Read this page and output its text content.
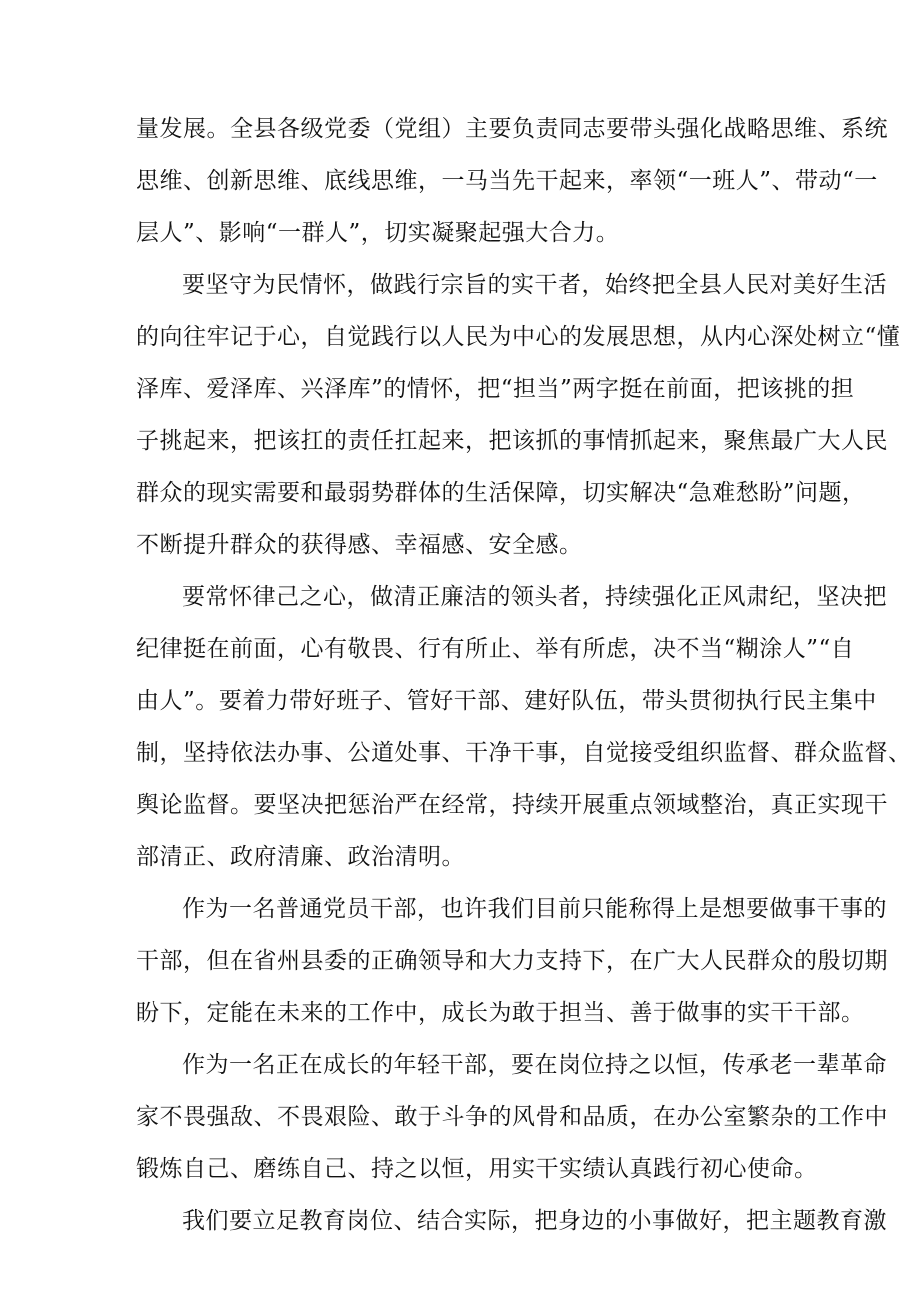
量发展。全县各级党委（党组）主要负责同志要带头强化战略思维、系统
思维、创新思维、底线思维，一马当先干起来，率领“一班人”、带动“一
层人”、影响“一群人”，切实凝聚起强大合力。
要坚守为民情怀，做践行宗旨的实干者，始终把全县人民对美好生活
的向往牢记于心，自觉践行以人民为中心的发展思想，从内心深处树立“懂
泽库、爱泽库、兴泽库”的情怀，把“担当”两字挺在前面，把该挑的担
子挑起来，把该扛的责任扛起来，把该抓的事情抓起来，聚焦最广大人民
群众的现实需要和最弱势群体的生活保障，切实解决“急难愁盼”问题，
不断提升群众的获得感、幸福感、安全感。
要常怀律己之心，做清正廉洁的领头者，持续强化正风肃纪，坚决把
纪律挺在前面，心有敬畏、行有所止、举有所虑，决不当“糊涂人”“自
由人”。要着力带好班子、管好干部、建好队伍，带头贯彻执行民主集中
制，坚持依法办事、公道处事、干净干事，自觉接受组织监督、群众监督、
舆论监督。要坚决把惩治严在经常，持续开展重点领域整治，真正实现干
部清正、政府清廉、政治清明。
作为一名普通党员干部，也许我们目前只能称得上是想要做事干事的
干部，但在省州县委的正确领导和大力支持下，在广大人民群众的殷切期
盼下，定能在未来的工作中，成长为敢于担当、善于做事的实干干部。
作为一名正在成长的年轻干部，要在岗位持之以恒，传承老一辈革命
家不畏强敌、不畏艰险、敢于斗争的风骨和品质，在办公室繁杂的工作中
锻炼自己、磨练自己、持之以恒，用实干实绩认真践行初心使命。
我们要立足教育岗位、结合实际，把身边的小事做好，把主题教育激
